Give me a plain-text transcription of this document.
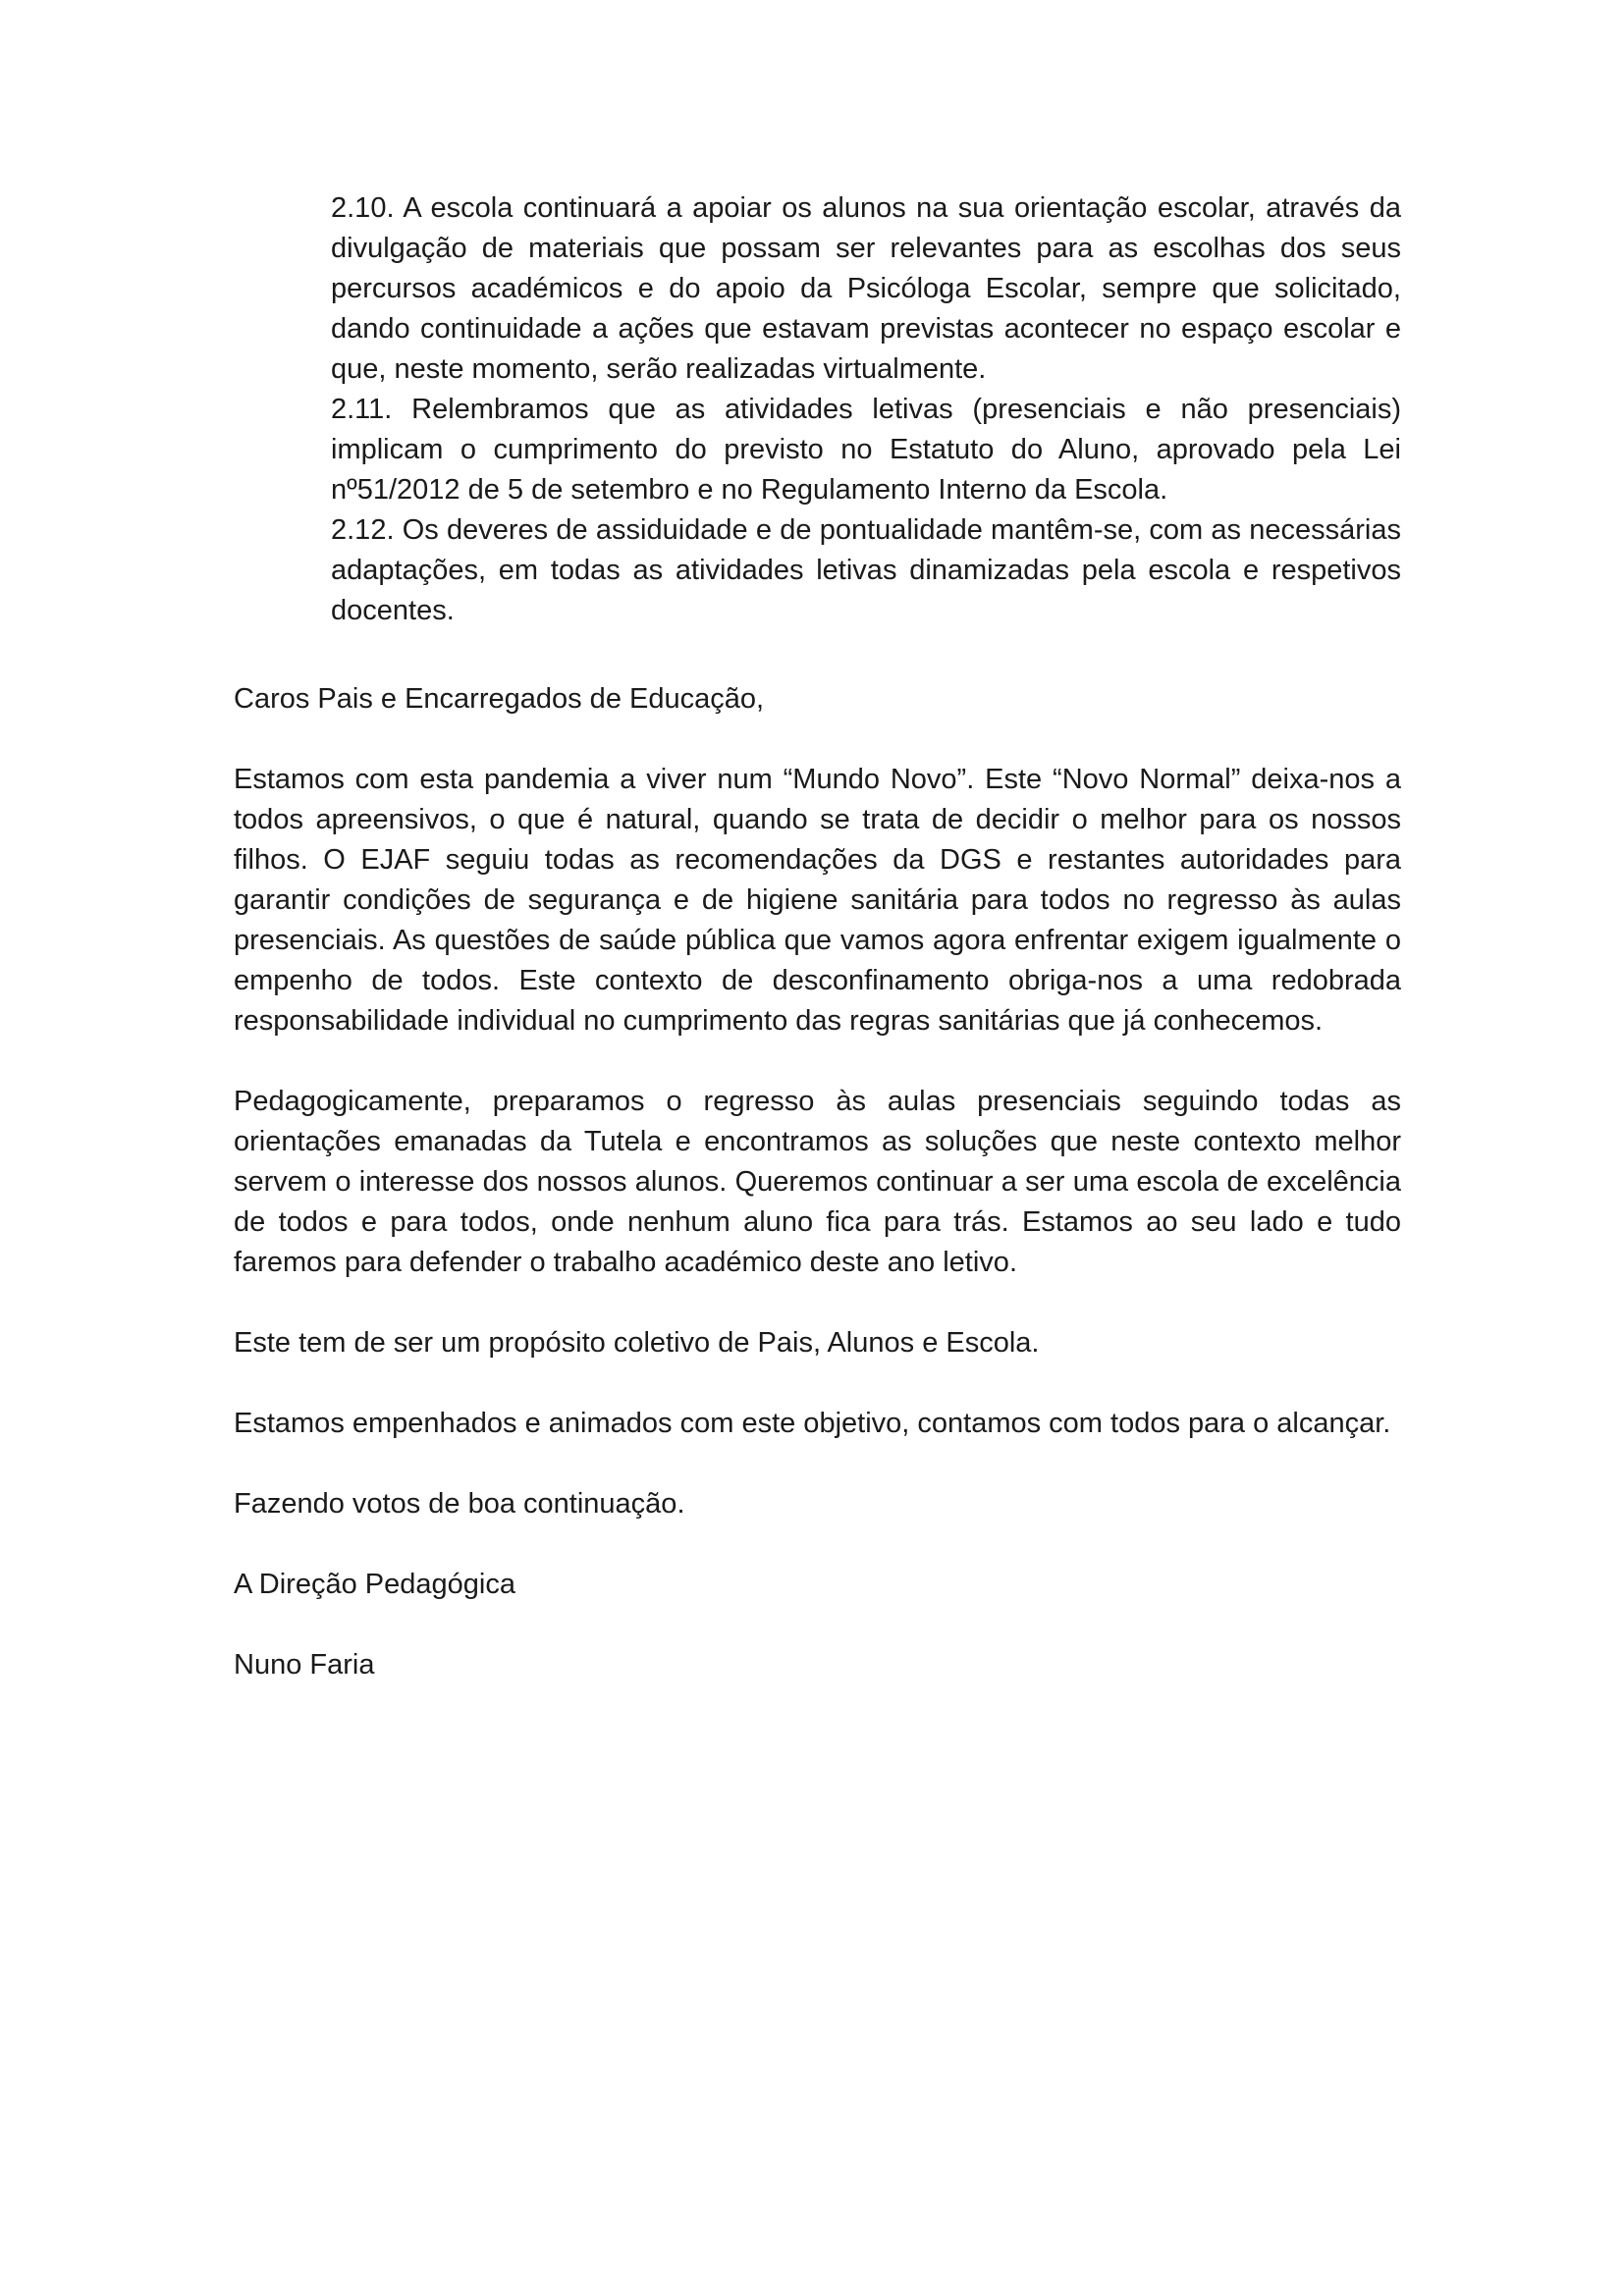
2.10. A escola continuará a apoiar os alunos na sua orientação escolar, através da divulgação de materiais que possam ser relevantes para as escolhas dos seus percursos académicos e do apoio da Psicóloga Escolar, sempre que solicitado, dando continuidade a ações que estavam previstas acontecer no espaço escolar e que, neste momento, serão realizadas virtualmente.

2.11. Relembramos que as atividades letivas (presenciais e não presenciais) implicam o cumprimento do previsto no Estatuto do Aluno, aprovado pela Lei nº51/2012 de 5 de setembro e no Regulamento Interno da Escola.

2.12. Os deveres de assiduidade e de pontualidade mantêm-se, com as necessárias adaptações, em todas as atividades letivas dinamizadas pela escola e respetivos docentes.

Caros Pais e Encarregados de Educação,

Estamos com esta pandemia a viver num “Mundo Novo”. Este “Novo Normal” deixa-nos a todos apreensivos, o que é natural, quando se trata de decidir o melhor para os nossos filhos. O EJAF seguiu todas as recomendações da DGS e restantes autoridades para garantir condições de segurança e de higiene sanitária para todos no regresso às aulas presenciais. As questões de saúde pública que vamos agora enfrentar exigem igualmente o empenho de todos. Este contexto de desconfinamento obriga-nos a uma redobrada responsabilidade individual no cumprimento das regras sanitárias que já conhecemos.

Pedagogicamente, preparamos o regresso às aulas presenciais seguindo todas as orientações emanadas da Tutela e encontramos as soluções que neste contexto melhor servem o interesse dos nossos alunos. Queremos continuar a ser uma escola de excelência de todos e para todos, onde nenhum aluno fica para trás. Estamos ao seu lado e tudo faremos para defender o trabalho académico deste ano letivo.

Este tem de ser um propósito coletivo de Pais, Alunos e Escola.

Estamos empenhados e animados com este objetivo, contamos com todos para o alcançar.

Fazendo votos de boa continuação.

A Direção Pedagógica

Nuno Faria
